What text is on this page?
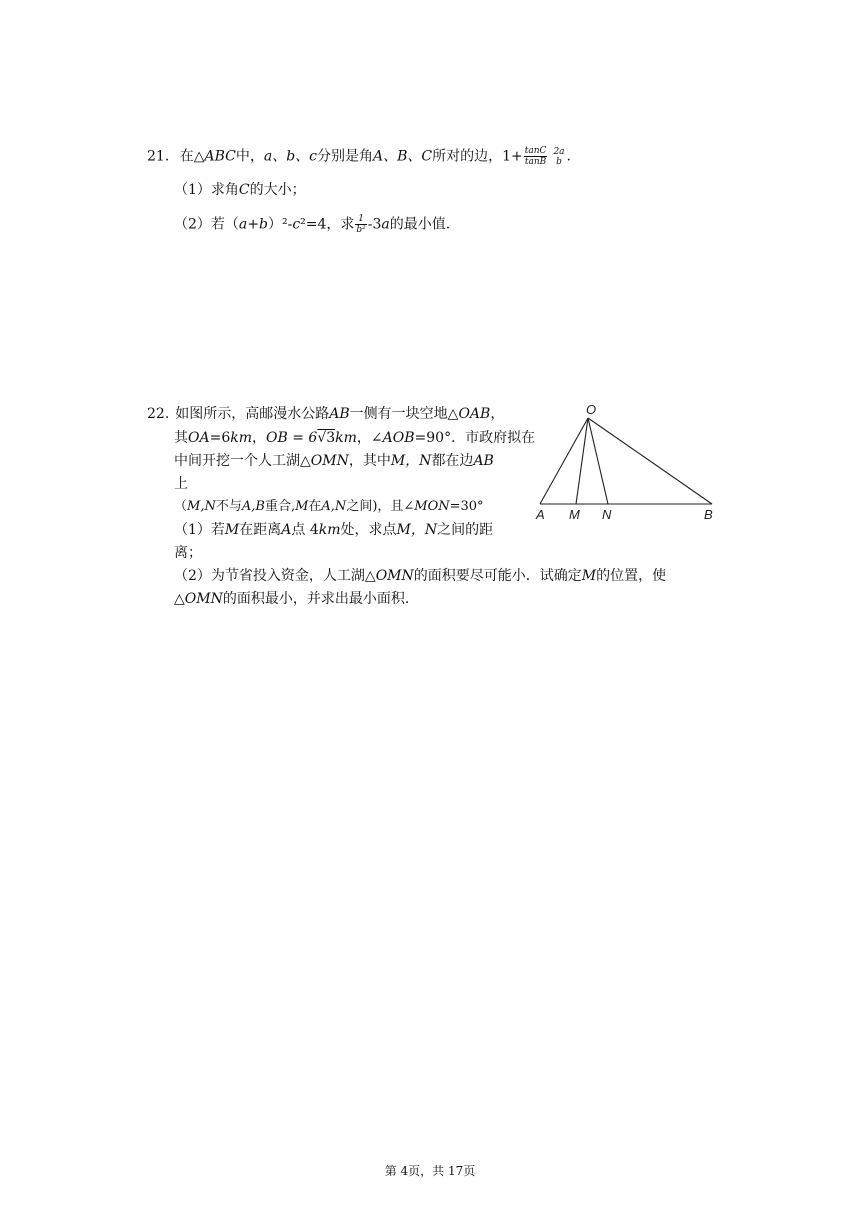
21. 在△ABC中，a、b、c分别是角A、B、C所对的边，$1+ \frac{\tan C}{\tan B} 2a$
b .
（1）求角C的大小；
（2）若（a+b）²-c²=4，求 $\frac{1}{\text{b²}} -3a$的最小值.
22. 如图所示，高邮漫水公路AB一侧有一块空地△OAB，
其OA=6km，OB = 6√3km，∠AOB=90°．市政府拟在
中间开挖一个人工湖△OMN，其中M，N都在边AB
上
（M,N不与A,B重合,M在A,N之间)，且∠MON=30°
（1）若M在距离A点 4km处，求点M，N之间的距
离；
（2）为节省投入资金，人工湖△OMN的面积要尽可能小．试确定M的位置，使
△OMN的面积最小，并求出最小面积.
O
A M N	B
第 4页，共 17页
